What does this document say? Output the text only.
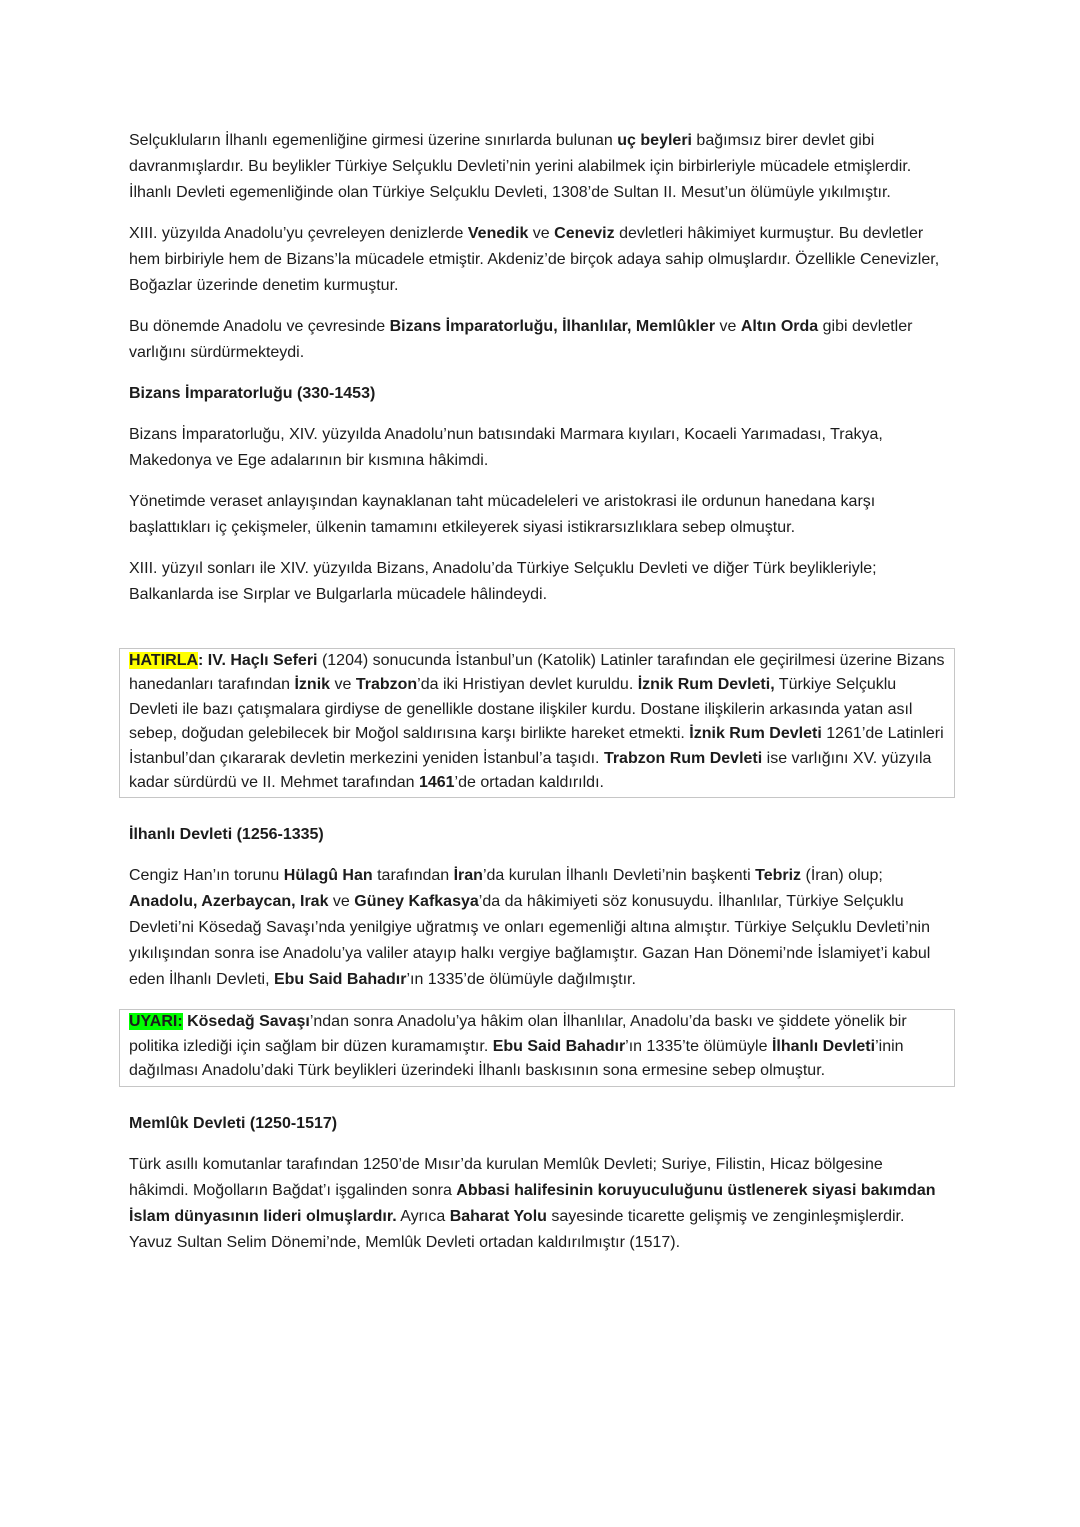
Selçukluların İlhanlı egemenliğine girmesi üzerine sınırlarda bulunan uç beyleri bağımsız birer devlet gibi davranmışlardır. Bu beylikler Türkiye Selçuklu Devleti’nin yerini alabilmek için birbirleriyle mücadele etmişlerdir. İlhanlı Devleti egemenliğinde olan Türkiye Selçuklu Devleti, 1308’de Sultan II. Mesut’un ölümüyle yıkılmıştır.

XIII. yüzyılda Anadolu’yu çevreleyen denizlerde Venedik ve Ceneviz devletleri hâkimiyet kurmuştur. Bu devletler hem birbiriyle hem de Bizans’la mücadele etmiştir. Akdeniz’de birçok adaya sahip olmuşlardır. Özellikle Cenevizler, Boğazlar üzerinde denetim kurmuştur.

Bu dönemde Anadolu ve çevresinde Bizans İmparatorluğu, İlhanlılar, Memlûkler ve Altın Orda gibi devletler varlığını sürdürmekteydi.

Bizans İmparatorluğu (330-1453)

Bizans İmparatorluğu, XIV. yüzyılda Anadolu’nun batısındaki Marmara kıyıları, Kocaeli Yarımadası, Trakya, Makedonya ve Ege adalarının bir kısmına hâkimdi.

Yönetimde veraset anlayışından kaynaklanan taht mücadeleleri ve aristokrasi ile ordunun hanedana karşı başlattıkları iç çekişmeler, ülkenin tamamını etkileyerek siyasi istikrarsızlıklara sebep olmuştur.

XIII. yüzyıl sonları ile XIV. yüzyılda Bizans, Anadolu’da Türkiye Selçuklu Devleti ve diğer Türk beylikleriyle; Balkanlarda ise Sırplar ve Bulgarlarla mücadele hâlindeydi.

HATIRLA: IV. Haçlı Seferi (1204) sonucunda İstanbul’un (Katolik) Latinler tarafından ele geçirilmesi üzerine Bizans hanedanları tarafından İznik ve Trabzon’da iki Hristiyan devlet kuruldu. İznik Rum Devleti, Türkiye Selçuklu Devleti ile bazı çatışmalara girdiyse de genellikle dostane ilişkiler kurdu. Dostane ilişkilerin arkasında yatan asıl sebep, doğudan gelebilecek bir Moğol saldırısına karşı birlikte hareket etmekti. İznik Rum Devleti 1261’de Latinleri İstanbul’dan çıkararak devletin merkezini yeniden İstanbul’a taşıdı. Trabzon Rum Devleti ise varlığını XV. yüzyıla kadar sürdürdü ve II. Mehmet tarafından 1461’de ortadan kaldırıldı.
İlhanlı Devleti (1256-1335)

Cengiz Han’ın torunu Hülagû Han tarafından İran’da kurulan İlhanlı Devleti’nin başkenti Tebriz (İran) olup; Anadolu, Azerbaycan, Irak ve Güney Kafkasya’da da hâkimiyeti söz konusuydu. İlhanlılar, Türkiye Selçuklu Devleti’ni Kösedağ Savaşı’nda yenilgiye uğratmış ve onları egemenliği altına almıştır. Türkiye Selçuklu Devleti’nin yıkılışından sonra ise Anadolu’ya valiler atayıp halkı vergiye bağlamıştır. Gazan Han Dönemi’nde İslamiyet’i kabul eden İlhanlı Devleti, Ebu Said Bahadır’ın 1335’de ölümüyle dağılmıştır.

UYARI: Kösedağ Savaşı’ndan sonra Anadolu’ya hâkim olan İlhanlılar, Anadolu’da baskı ve şiddete yönelik bir politika izlediği için sağlam bir düzen kuramamıştır. Ebu Said Bahadır’ın 1335’te ölümüyle İlhanlı Devleti’inin dağılması Anadolu’daki Türk beylikleri üzerindeki İlhanlı baskısının sona ermesine sebep olmuştur.
Memlûk Devleti (1250-1517)

Türk asıllı komutanlar tarafından 1250’de Mısır’da kurulan Memlûk Devleti; Suriye, Filistin, Hicaz bölgesine hâkimdi. Moğolların Bağdat’ı işgalinden sonra Abbasi halifesinin koruyuculuğunu üstlenerek siyasi bakımdan İslam dünyasının lideri olmuşlardır. Ayrıca Baharat Yolu sayesinde ticarette gelişmiş ve zenginleşmişlerdir. Yavuz Sultan Selim Dönemi’nde, Memlûk Devleti ortadan kaldırılmıştır (1517).
